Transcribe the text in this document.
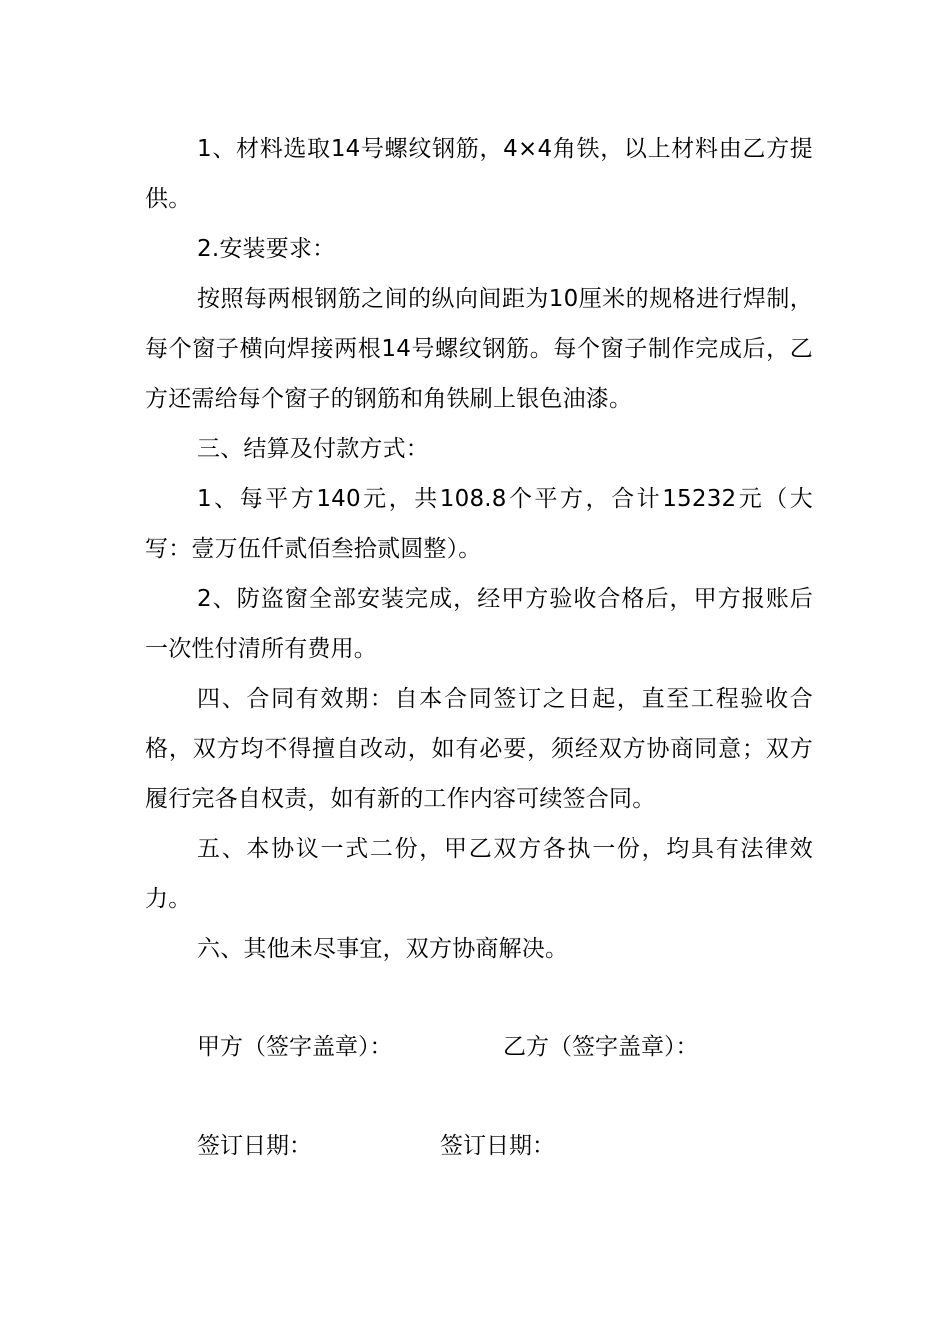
1、材料选取14号螺纹钢筋，4×4角铁，以上材料由乙方提供。

2.安装要求：

按照每两根钢筋之间的纵向间距为10厘米的规格进行焊制，每个窗子横向焊接两根14号螺纹钢筋。每个窗子制作完成后，乙方还需给每个窗子的钢筋和角铁刷上银色油漆。

三、结算及付款方式：

1、每平方140元，共108.8个平方，合计15232元（大写：壹万伍仟贰佰叁拾贰圆整）。

2、防盗窗全部安装完成，经甲方验收合格后，甲方报账后一次性付清所有费用。

四、合同有效期：自本合同签订之日起，直至工程验收合格，双方均不得擅自改动，如有必要，须经双方协商同意；双方履行完各自权责，如有新的工作内容可续签合同。

五、本协议一式二份，甲乙双方各执一份，均具有法律效力。

六、其他未尽事宜，双方协商解决。

甲方（签字盖章）：	乙方（签字盖章）：
签订日期：	签订日期：
